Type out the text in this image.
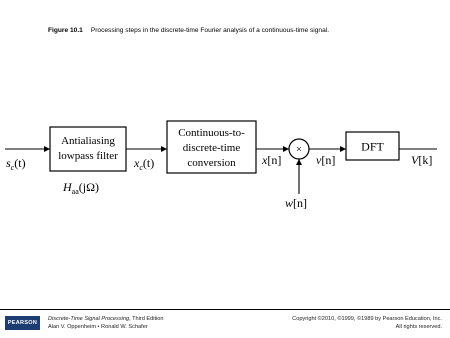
Figure 10.1 Processing steps in the discrete-time Fourier analysis of a continuous-time signal.
Antialiasing
lowpass filter
Continuous-to-
discrete-time
conversion
×	DFT
$s_c(t)$	$x_c(t)$
$H_{aa}(j\Omega)$
x[n]	v[n]
w[n]
V[k]
PEARSON
Discrete-Time Signal Processing, Third Edition
Alan V. Oppenheim • Ronald W. Schafer
Copyright ©2010, ©1999, ©1989 by Pearson Education, Inc.
All rights reserved.
